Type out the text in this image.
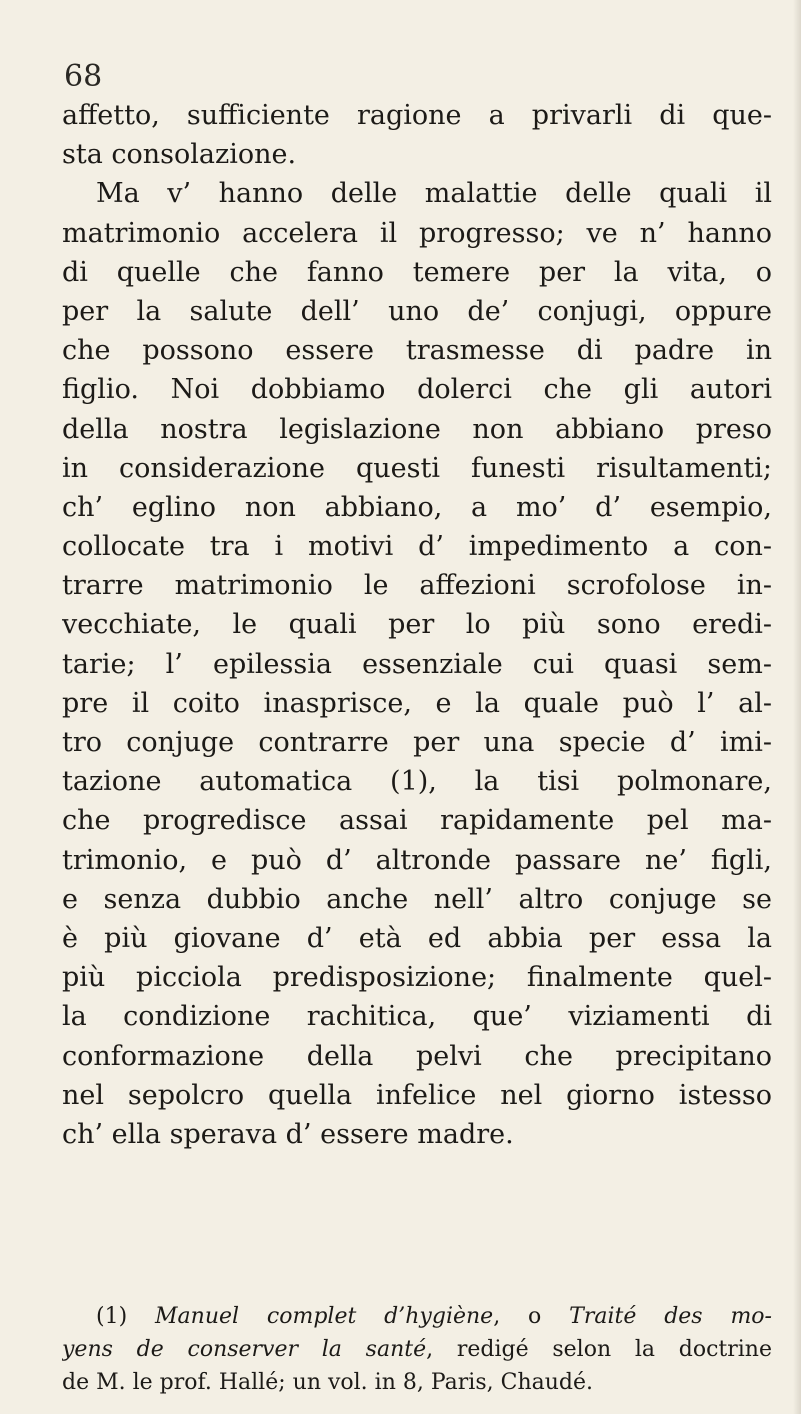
68
affetto, sufficiente ragione a privarli di que-
sta consolazione.
Ma v’ hanno delle malattie delle quali il
matrimonio accelera il progresso; ve n’ hanno
di quelle che fanno temere per la vita, o
per la salute dell’ uno de’ conjugi, oppure
che possono essere trasmesse di padre in
figlio. Noi dobbiamo dolerci che gli autori
della nostra legislazione non abbiano preso
in considerazione questi funesti risultamenti;
ch’ eglino non abbiano, a mo’ d’ esempio,
collocate tra i motivi d’ impedimento a con-
trarre matrimonio le affezioni scrofolose in-
vecchiate, le quali per lo più sono eredi-
tarie; l’ epilessia essenziale cui quasi sem-
pre il coito inasprisce, e la quale può l’ al-
tro conjuge contrarre per una specie d’ imi-
tazione automatica (1), la tisi polmonare,
che progredisce assai rapidamente pel ma-
trimonio, e può d’ altronde passare ne’ figli,
e senza dubbio anche nell’ altro conjuge se
è più giovane d’ età ed abbia per essa la
più picciola predisposizione; finalmente quel-
la condizione rachitica, que’ viziamenti di
conformazione della pelvi che precipitano
nel sepolcro quella infelice nel giorno istesso
ch’ ella sperava d’ essere madre.
(1) Manuel complet d’hygiène, o Traité des mo-
yens de conserver la santé, redigé selon la doctrine
de M. le prof. Hallé; un vol. in 8, Paris, Chaudé.
